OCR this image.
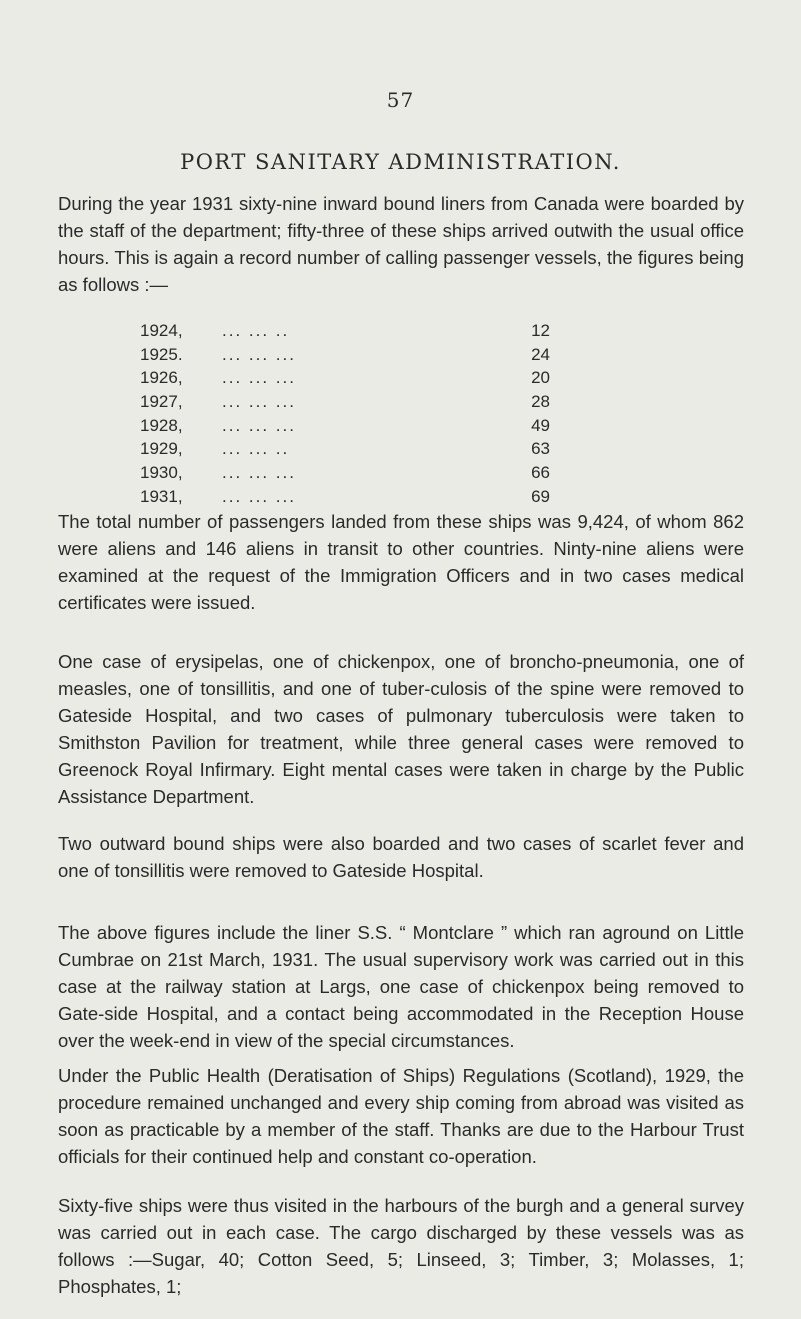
57
PORT SANITARY ADMINISTRATION.

During the year 1931 sixty-nine inward bound liners from Canada were boarded by the staff of the department; fifty-three of these ships arrived outwith the usual office hours. This is again a record number of calling passenger vessels, the figures being as follows :—

1924,	... ... ..	12
1925.	... ... ...	24
1926,	... ... ...	20
1927,	... ... ...	28
1928,	... ... ...	49
1929,	... ... ..	63
1930,	... ... ...	66
1931,	... ... ...	69

The total number of passengers landed from these ships was 9,424, of whom 862 were aliens and 146 aliens in transit to other countries. Ninty-nine aliens were examined at the request of the Immigration Officers and in two cases medical certificates were issued.

One case of erysipelas, one of chickenpox, one of broncho-pneumonia, one of measles, one of tonsillitis, and one of tuber-culosis of the spine were removed to Gateside Hospital, and two cases of pulmonary tuberculosis were taken to Smithston Pavilion for treatment, while three general cases were removed to Greenock Royal Infirmary. Eight mental cases were taken in charge by the Public Assistance Department.

Two outward bound ships were also boarded and two cases of scarlet fever and one of tonsillitis were removed to Gateside Hospital.

The above figures include the liner S.S. “ Montclare ” which ran aground on Little Cumbrae on 21st March, 1931. The usual supervisory work was carried out in this case at the railway station at Largs, one case of chickenpox being removed to Gate-side Hospital, and a contact being accommodated in the Reception House over the week-end in view of the special circumstances.

Under the Public Health (Deratisation of Ships) Regulations (Scotland), 1929, the procedure remained unchanged and every ship coming from abroad was visited as soon as practicable by a member of the staff. Thanks are due to the Harbour Trust officials for their continued help and constant co-operation.

Sixty-five ships were thus visited in the harbours of the burgh and a general survey was carried out in each case. The cargo discharged by these vessels was as follows :—Sugar, 40; Cotton Seed, 5; Linseed, 3; Timber, 3; Molasses, 1; Phosphates, 1;
